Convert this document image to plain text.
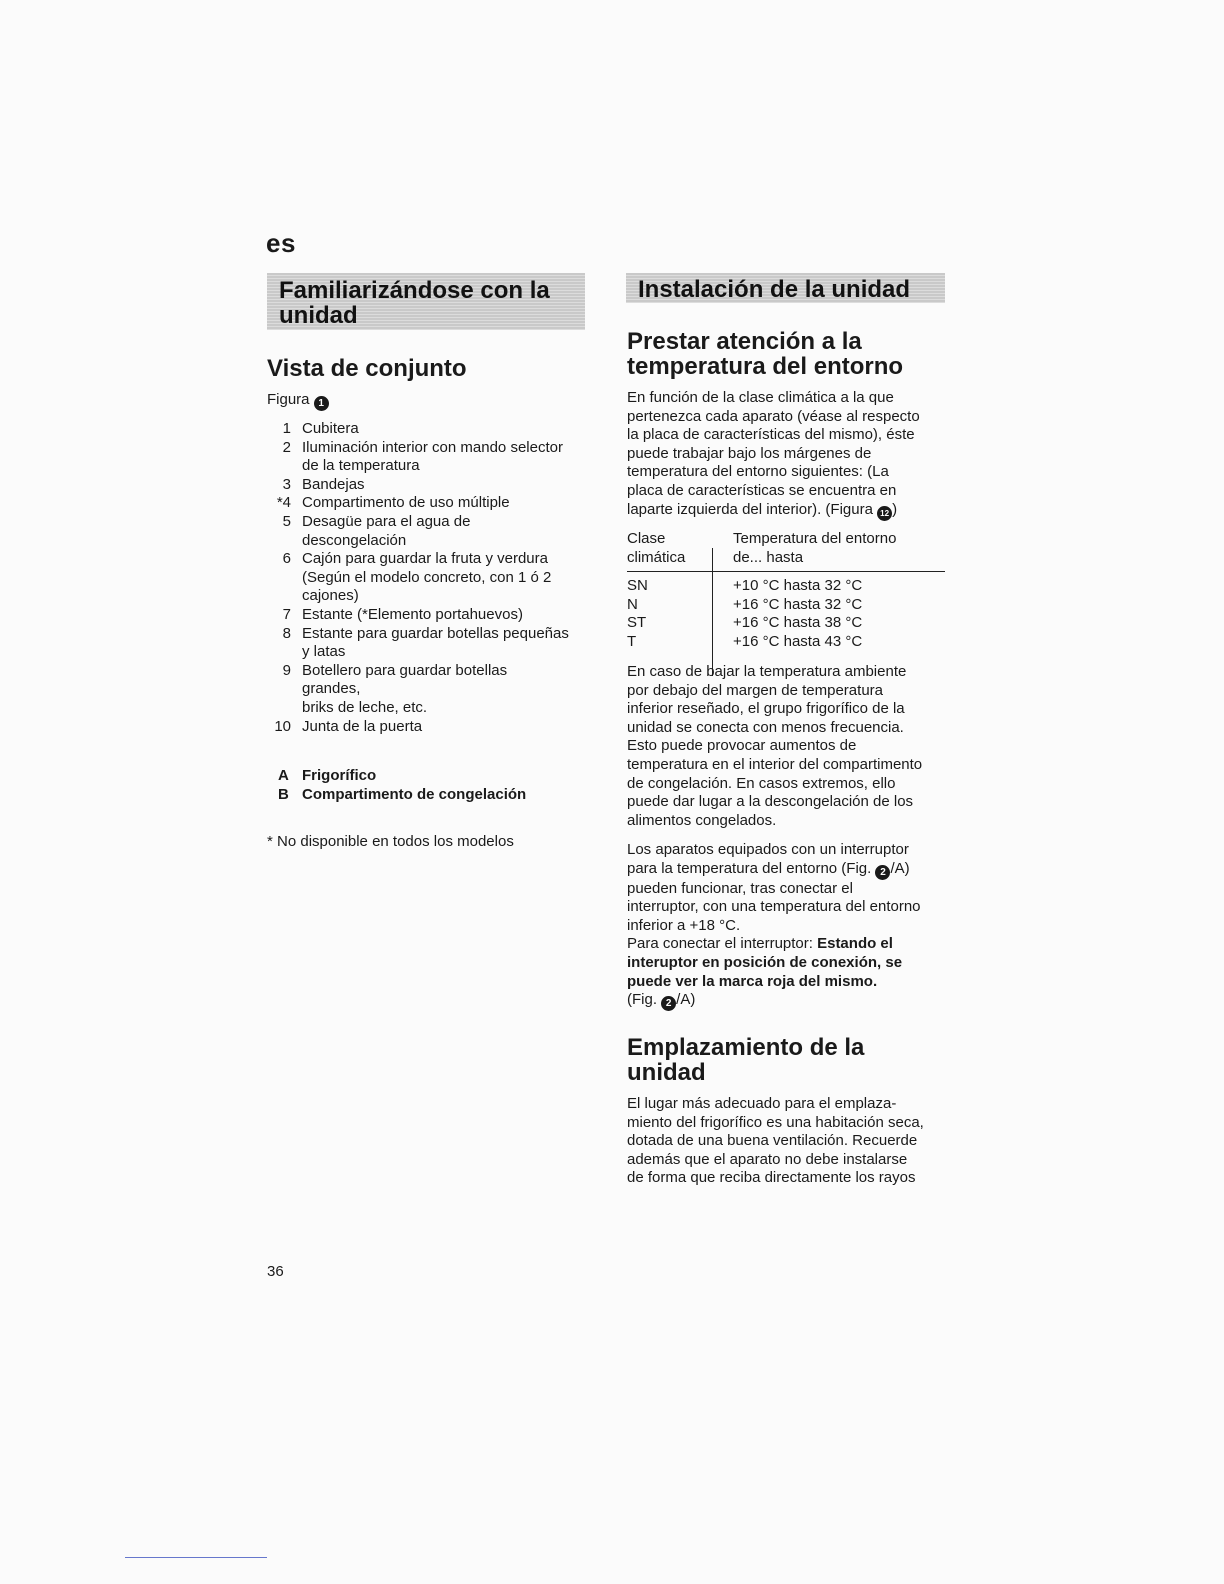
es
Familiarizándose con la
unidad
Vista de conjunto
Figura 1
1 Cubitera
2 Iluminación interior con mando selector
de la temperatura
3 Bandejas
*4 Compartimento de uso múltiple
5 Desagüe para el agua de
descongelación
6 Cajón para guardar la fruta y verdura
(Según el modelo concreto, con 1 ó 2
cajones)
7 Estante (*Elemento portahuevos)
8 Estante para guardar botellas pequeñas
y latas
9 Botellero para guardar botellas
grandes,
briks de leche, etc.
10 Junta de la puerta
A Frigorífico
B Compartimento de congelación
* No disponible en todos los modelos
Instalación de la unidad
Prestar atención a la
temperatura del entorno
En función de la clase climática a la que
pertenezca cada aparato (véase al respecto
la placa de características del mismo), éste
puede trabajar bajo los márgenes de
temperatura del entorno siguientes: (La
placa de características se encuentra en
laparte izquierda del interior). (Figura 12 )
Clase
climática
Temperatura del entorno
de... hasta
SN
N
ST
T
+10 °C hasta 32 °C
+16 °C hasta 32 °C
+16 °C hasta 38 °C
+16 °C hasta 43 °C
En caso de bajar la temperatura ambiente
por debajo del margen de temperatura
inferior reseñado, el grupo frigorífico de la
unidad se conecta con menos frecuencia.
Esto puede provocar aumentos de
temperatura en el interior del compartimento
de congelación. En casos extremos, ello
puede dar lugar a la descongelación de los
alimentos congelados.
Los aparatos equipados con un interruptor
para la temperatura del entorno (Fig. 2 /A)
pueden funcionar, tras conectar el
interruptor, con una temperatura del entorno
inferior a +18 °C.
Para conectar el interruptor: Estando el
interuptor en posición de conexión, se
puede ver la marca roja del mismo.
(Fig. 2 /A)
Emplazamiento de la
unidad
El lugar más adecuado para el emplaza-
miento del frigorífico es una habitación seca,
dotada de una buena ventilación. Recuerde
además que el aparato no debe instalarse
de forma que reciba directamente los rayos
36
